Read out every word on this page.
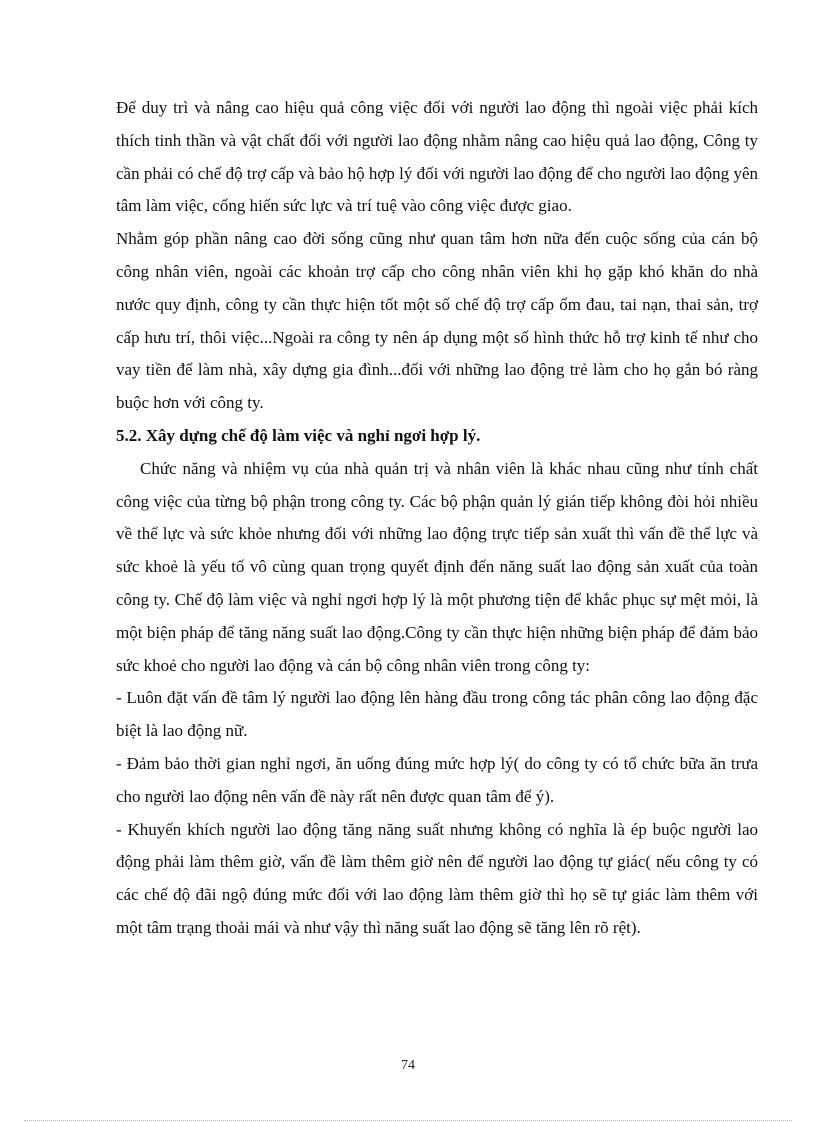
Để duy trì và nâng cao hiệu quả công việc đối với người lao động thì ngoài việc phải kích thích tinh thần và vật chất đối với người lao động nhằm nâng cao hiệu quả lao động, Công ty cần phải có chế độ trợ cấp và bảo hộ hợp lý đối với người lao động để cho người lao động yên tâm làm việc, cống hiến sức lực và trí tuệ vào công việc được giao.

Nhằm góp phần nâng cao đời sống cũng như quan tâm hơn nữa đến cuộc sống của cán bộ công nhân viên, ngoài các khoản trợ cấp cho công nhân viên khi họ gặp khó khăn do nhà nước quy định, công ty cần thực hiện tốt một số chế độ trợ cấp ốm đau, tai nạn, thai sản, trợ cấp hưu trí, thôi việc...Ngoài ra công ty nên áp dụng một số hình thức hỗ trợ kinh tế như cho vay tiền để làm nhà, xây dựng gia đình...đối với những lao động trẻ làm cho họ gắn bó ràng buộc hơn với công ty.

5.2. Xây dựng chế độ làm việc và nghỉ ngơi hợp lý.

Chức năng và nhiệm vụ của nhà quản trị và nhân viên là khác nhau cũng như tính chất công việc của từng bộ phận trong công ty. Các bộ phận quản lý gián tiếp không đòi hỏi nhiều về thể lực và sức khỏe nhưng đối với những lao động trực tiếp sản xuất thì vấn đề thể lực và sức khoẻ là yếu tố vô cùng quan trọng quyết định đến năng suất lao động sản xuất của toàn công ty. Chế độ làm việc và nghỉ ngơi hợp lý là một phương tiện để khắc phục sự mệt mỏi, là một biện pháp để tăng năng suất lao động.Công ty cần thực hiện những biện pháp để đảm bảo sức khoẻ cho người lao động và cán bộ công nhân viên trong công ty:

- Luôn đặt vấn đề tâm lý người lao động lên hàng đầu trong công tác phân công lao động đặc biệt là lao động nữ.

- Đảm bảo thời gian nghỉ ngơi, ăn uống đúng mức hợp lý( do công ty có tổ chức bữa ăn trưa cho người lao động nên vấn đề này rất nên được quan tâm để ý).

- Khuyến khích người lao động tăng năng suất nhưng không có nghĩa là ép buộc người lao động phải làm thêm giờ, vấn đề làm thêm giờ nên để người lao động tự giác( nếu công ty có các chế độ đãi ngộ đúng mức đối với lao động làm thêm giờ thì họ sẽ tự giác làm thêm với một tâm trạng thoải mái và như vậy thì năng suất lao động sẽ tăng lên rõ rệt).

74
